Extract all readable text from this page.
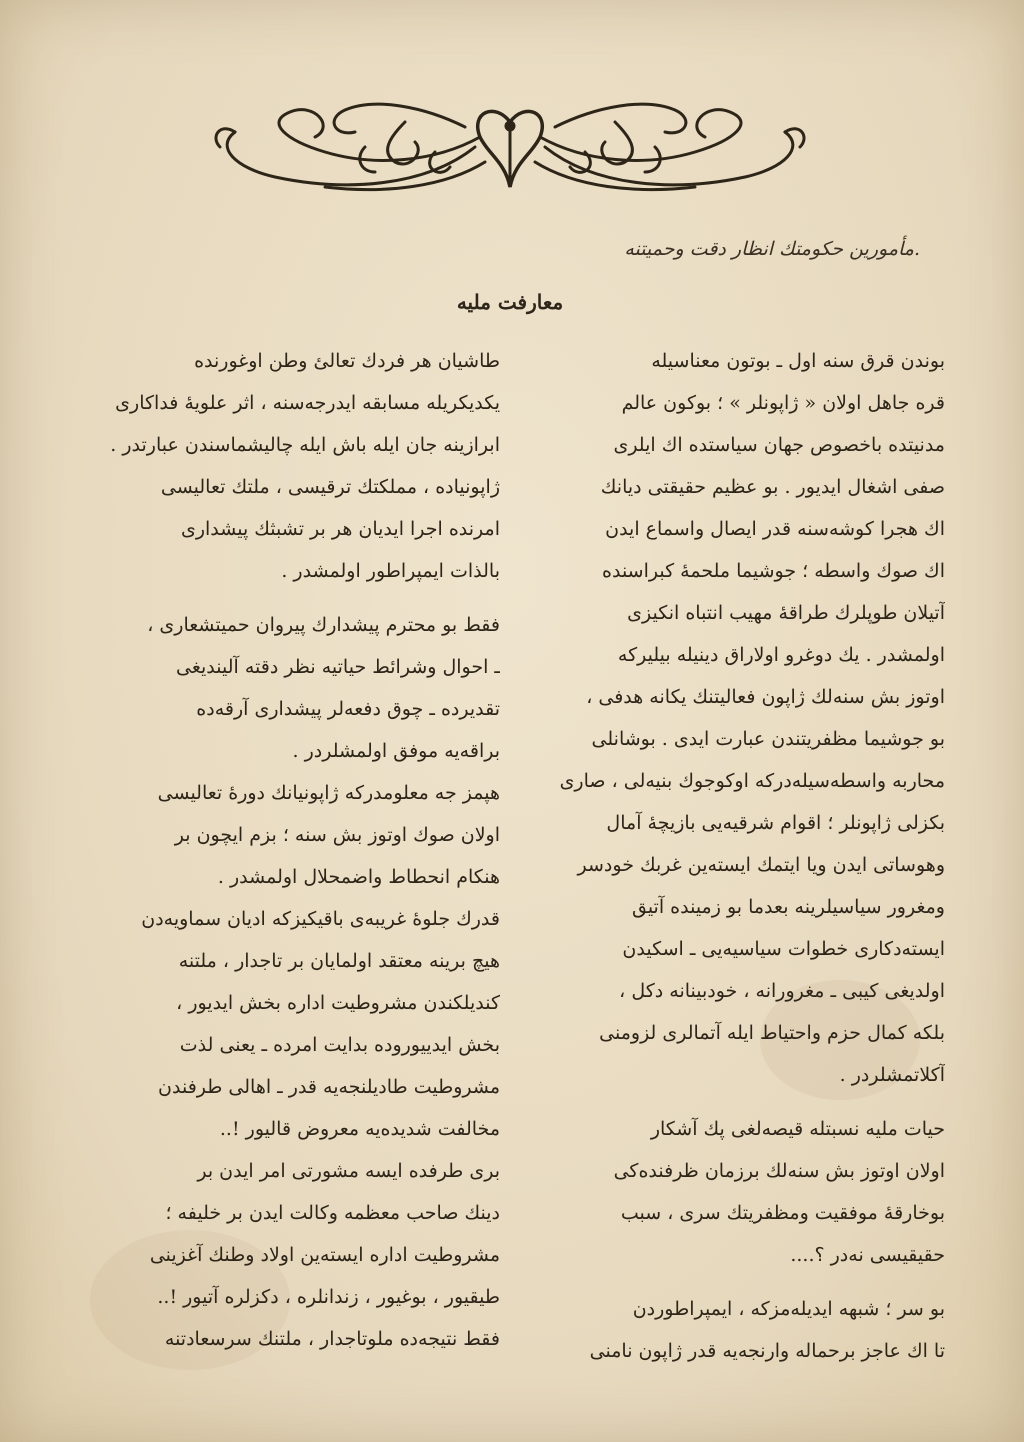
.مأمورين حكومتك انظار دقت وحميتنه
معارفت مليه
بوندن قرق سنه اول ـ بوتون معناسيله
قره جاهل اولان « ژاپونلر » ؛ بوكون عالم
مدنيتده باخصوص جهان سياستده اك ايلرى
صفى اشغال ايديور . بو عظيم حقيقتى ديانك
اك هجرا كوشه‌سنه قدر ايصال واسماع ايدن
اك صوك واسطه ؛ جوشيما ملحمۀ كبراسنده
آتيلان طوپلرك طراقۀ مهيب انتباه انكيزى
اولمشدر . يك دوغرو اولاراق دينيله بيليركه
اوتوز بش سنه‌لك ژاپون فعاليتنك يكانه هدفى ،
بو جوشيما مظفريتندن عبارت ايدى . بوشانلى
محاربه واسطه‌سيله‌دركه اوكوجوك بنيه‌لى ، صارى
بكزلى ژاپونلر ؛ اقوام شرقيه‌يى بازيچۀ آمال
وهوساتى ايدن ويا ايتمك ايسته‌ين غربك خودسر
ومغرور سياسيلرينه بعدما بو زمينده آتيق
ايسته‌دكارى خطوات سياسيه‌يى ـ اسكيدن
اولديغى كيبى ـ مغرورانه ، خودبينانه دكل ،
بلكه كمال حزم واحتياط ايله آتمالرى لزومنى
آكلاتمشلردر .
حيات مليه نسبتله قيصه‌لغى پك آشكار
اولان اوتوز بش سنه‌لك برزمان ظرفنده‌كى
بوخارقۀ موفقيت ومظفريتك سرى ، سبب
حقيقيسى نه‌در ؟....
بو سر ؛ شبهه ايديله‌مزكه ، ايمپراطوردن
تا اك عاجز برحماله وارنجه‌يه قدر ژاپون نامنى
طاشيان هر فردك تعالئ وطن اوغورنده
يكديكريله مسابقه ايدرجه‌سنه ، اثر علويۀ فداكارى
ابرازينه جان ايله باش ايله چاليشماسندن عبارتدر .
ژاپونياده ، مملكتك ترقيسى ، ملتك تعاليسى
امرنده اجرا ايديان هر بر تشبثك پيشدارى
بالذات ايمپراطور اولمشدر .
فقط بو محترم پيشدارك پيروان حميتشعارى ،
ـ احوال وشرائط حياتيه نظر دقته آلينديغى
تقديرده ـ چوق دفعه‌لر پيشدارى آرقه‌ده
براقه‌يه موفق اولمشلردر .
هپمز جه معلومدركه ژاپونيانك دورۀ تعاليسى
اولان صوك اوتوز بش سنه ؛ بزم ايچون بر
هنكام انحطاط واضمحلال اولمشدر .
قدرك جلوۀ غريبه‌ى باقيكيزكه اديان سماويه‌دن
هيچ برينه معتقد اولمايان بر تاجدار ، ملتنه
كنديلكندن مشروطيت اداره بخش ايديور ،
بخش ايدييوروده بدايت امرده ـ يعنى لذت
مشروطيت طاديلنجه‌يه قدر ـ اهالى طرفندن
مخالفت شديده‌يه معروض قاليور !..
برى طرفده ايسه مشورتى امر ايدن بر
دينك صاحب معظمه وكالت ايدن بر خليفه ؛
مشروطيت اداره ايسته‌ين اولاد وطنك آغزينى
طيقيور ، بوغيور ، زندانلره ، دكزلره آتيور !..
فقط نتيجه‌ده ملوتاجدار ، ملتنك سرسعادتنه
